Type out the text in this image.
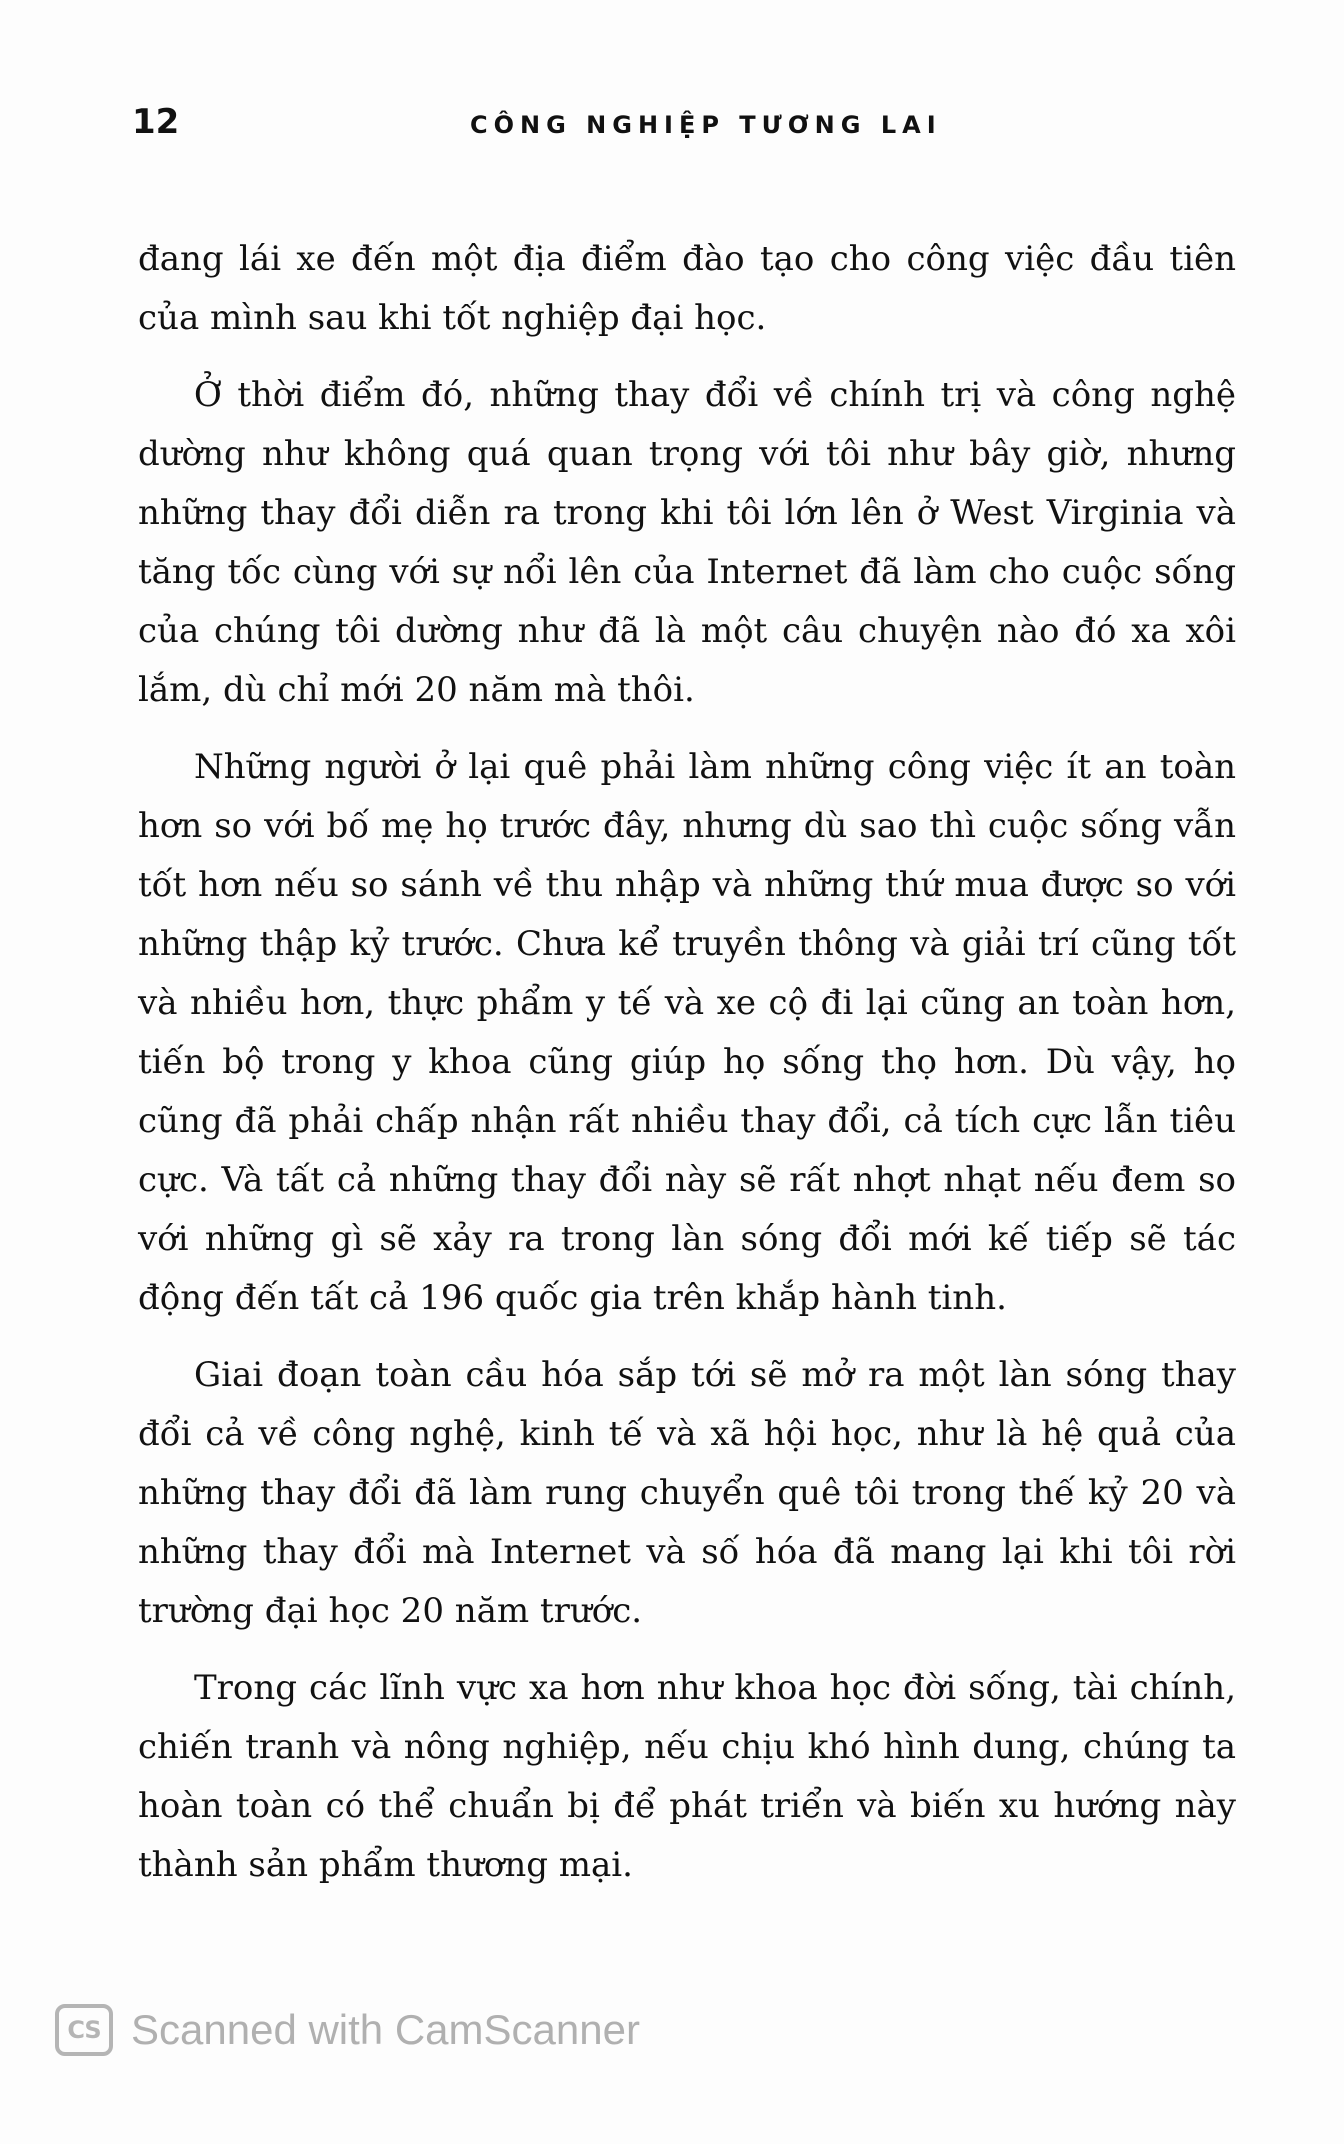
12	CÔNG NGHIỆP TƯƠNG LAI

đang lái xe đến một địa điểm đào tạo cho công việc đầu tiên của mình sau khi tốt nghiệp đại học.

Ở thời điểm đó, những thay đổi về chính trị và công nghệ dường như không quá quan trọng với tôi như bây giờ, nhưng những thay đổi diễn ra trong khi tôi lớn lên ở West Virginia và tăng tốc cùng với sự nổi lên của Internet đã làm cho cuộc sống của chúng tôi dường như đã là một câu chuyện nào đó xa xôi lắm, dù chỉ mới 20 năm mà thôi.

Những người ở lại quê phải làm những công việc ít an toàn hơn so với bố mẹ họ trước đây, nhưng dù sao thì cuộc sống vẫn tốt hơn nếu so sánh về thu nhập và những thứ mua được so với những thập kỷ trước. Chưa kể truyền thông và giải trí cũng tốt và nhiều hơn, thực phẩm y tế và xe cộ đi lại cũng an toàn hơn, tiến bộ trong y khoa cũng giúp họ sống thọ hơn. Dù vậy, họ cũng đã phải chấp nhận rất nhiều thay đổi, cả tích cực lẫn tiêu cực. Và tất cả những thay đổi này sẽ rất nhợt nhạt nếu đem so với những gì sẽ xảy ra trong làn sóng đổi mới kế tiếp sẽ tác động đến tất cả 196 quốc gia trên khắp hành tinh.

Giai đoạn toàn cầu hóa sắp tới sẽ mở ra một làn sóng thay đổi cả về công nghệ, kinh tế và xã hội học, như là hệ quả của những thay đổi đã làm rung chuyển quê tôi trong thế kỷ 20 và những thay đổi mà Internet và số hóa đã mang lại khi tôi rời trường đại học 20 năm trước.

Trong các lĩnh vực xa hơn như khoa học đời sống, tài chính, chiến tranh và nông nghiệp, nếu chịu khó hình dung, chúng ta hoàn toàn có thể chuẩn bị để phát triển và biến xu hướng này thành sản phẩm thương mại.

CS Scanned with CamScanner
